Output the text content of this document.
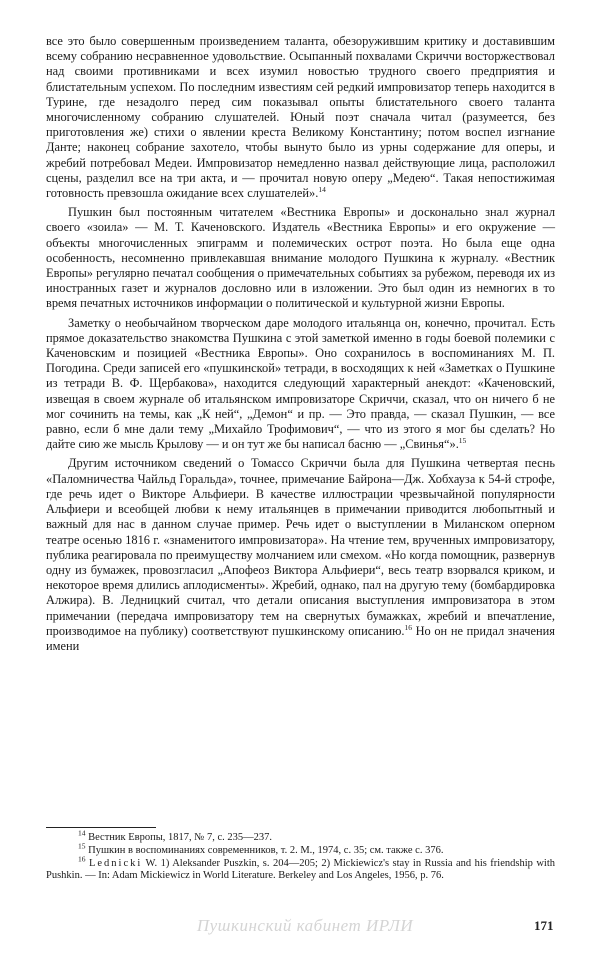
все это было совершенным произведением таланта, обезоружившим критику и доставившим всему собранию несравненное удовольствие. Осыпанный похвалами Скриччи восторжествовал над своими противниками и всех изумил новостью трудного своего предприятия и блистательным успехом. По последним известиям сей редкий импровизатор теперь находится в Турине, где незадолго перед сим показывал опыты блистательного своего таланта многочисленному собранию слушателей. Юный поэт сначала читал (разумеется, без приготовления же) стихи о явлении креста Великому Константину; потом воспел изгнание Данте; наконец собрание захотело, чтобы вынуто было из урны содержание для оперы, и жребий потребовал Медеи. Импровизатор немедленно назвал действующие лица, расположил сцены, разделил все на три акта, и — прочитал новую оперу „Медею“. Такая непостижимая готовность превзошла ожидание всех слушателей».$^{14}$

Пушкин был постоянным читателем «Вестника Европы» и досконально знал журнал своего «зоила» — М. Т. Каченовского. Издатель «Вестника Европы» и его окружение — объекты многочисленных эпиграмм и полемических острот поэта. Но была еще одна особенность, несомненно привлекавшая внимание молодого Пушкина к журналу. «Вестник Европы» регулярно печатал сообщения о примечательных событиях за рубежом, переводя их из иностранных газет и журналов дословно или в изложении. Это был один из немногих в то время печатных источников информации о политической и культурной жизни Европы.

Заметку о необычайном творческом даре молодого итальянца он, конечно, прочитал. Есть прямое доказательство знакомства Пушкина с этой заметкой именно в годы боевой полемики с Каченовским и позицией «Вестника Европы». Оно сохранилось в воспоминаниях М. П. Погодина. Среди записей его «пушкинской» тетради, в восходящих к ней «Заметках о Пушкине из тетради В. Ф. Щербакова», находится следующий характерный анекдот: «Каченовский, извещая в своем журнале об итальянском импровизаторе Скриччи, сказал, что он ничего б не мог сочинить на темы, как „К ней“, „Демон“ и пр. — Это правда, — сказал Пушкин, — все равно, если б мне дали тему „Михайло Трофимович“, — что из этого я мог бы сделать? Но дайте сию же мысль Крылову — и он тут же бы написал басню — „Свинья“».$^{15}$

Другим источником сведений о Томассо Скриччи была для Пушкина четвертая песнь «Паломничества Чайльд Горальда», точнее, примечание Байрона—Дж. Хобхауза к 54-й строфе, где речь идет о Викторе Альфиери. В качестве иллюстрации чрезвычайной популярности Альфиери и всеобщей любви к нему итальянцев в примечании приводится любопытный и важный для нас в данном случае пример. Речь идет о выступлении в Миланском оперном театре осенью 1816 г. «знаменитого импровизатора». На чтение тем, врученных импровизатору, публика реагировала по преимуществу молчанием или смехом. «Но когда помощник, развернув одну из бумажек, провозгласил „Апофеоз Виктора Альфиери“, весь театр взорвался криком, и некоторое время длились аплодисменты». Жребий, однако, пал на другую тему (бомбардировка Алжира). В. Ледницкий считал, что детали описания выступления импровизатора в этом примечании (передача импровизатору тем на свернутых бумажках, жребий и впечатление, производимое на публику) соответствуют пушкинскому описанию.$^{16}$ Но он не придал значения имени

$^{14}$ Вестник Европы, 1817, № 7, с. 235—237.

$^{15}$ Пушкин в воспоминаниях современников, т. 2. М., 1974, с. 35; см. также с. 376.

$^{16}$ Lednicki W. 1) Aleksander Puszkin, s. 204—205; 2) Mickiewicz's stay in Russia and his friendship with Pushkin. — In: Adam Mickiewicz in World Literature. Berkeley and Los Angeles, 1956, p. 76.

Пушкинский кабинет ИРЛИ	171
